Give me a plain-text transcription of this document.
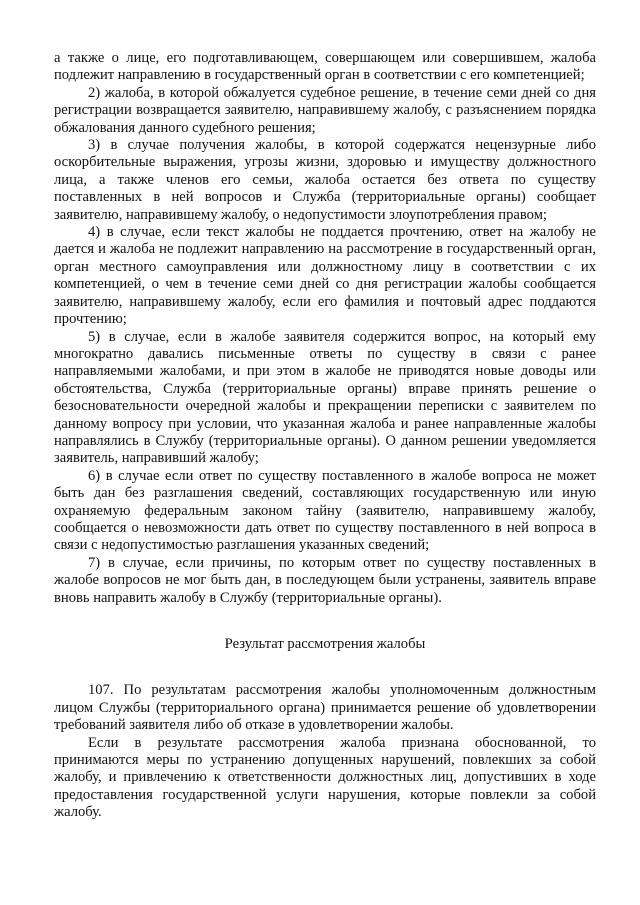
а также о лице, его подготавливающем, совершающем или совершившем, жалоба подлежит направлению в государственный орган в соответствии с его компетенцией;

2) жалоба, в которой обжалуется судебное решение, в течение семи дней со дня регистрации возвращается заявителю, направившему жалобу, с разъяснением порядка обжалования данного судебного решения;

3) в случае получения жалобы, в которой содержатся нецензурные либо оскорбительные выражения, угрозы жизни, здоровью и имуществу должностного лица, а также членов его семьи, жалоба остается без ответа по существу поставленных в ней вопросов и Служба (территориальные органы) сообщает заявителю, направившему жалобу, о недопустимости злоупотребления правом;

4) в случае, если текст жалобы не поддается прочтению, ответ на жалобу не дается и жалоба не подлежит направлению на рассмотрение в государственный орган, орган местного самоуправления или должностному лицу в соответствии с их компетенцией, о чем в течение семи дней со дня регистрации жалобы сообщается заявителю, направившему жалобу, если его фамилия и почтовый адрес поддаются прочтению;

5) в случае, если в жалобе заявителя содержится вопрос, на который ему многократно давались письменные ответы по существу в связи с ранее направляемыми жалобами, и при этом в жалобе не приводятся новые доводы или обстоятельства, Служба (территориальные органы) вправе принять решение о безосновательности очередной жалобы и прекращении переписки с заявителем по данному вопросу при условии, что указанная жалоба и ранее направленные жалобы направлялись в Службу (территориальные органы). О данном решении уведомляется заявитель, направивший жалобу;

6) в случае если ответ по существу поставленного в жалобе вопроса не может быть дан без разглашения сведений, составляющих государственную или иную охраняемую федеральным законом тайну (заявителю, направившему жалобу, сообщается о невозможности дать ответ по существу поставленного в ней вопроса в связи с недопустимостью разглашения указанных сведений;

7) в случае, если причины, по которым ответ по существу поставленных в жалобе вопросов не мог быть дан, в последующем были устранены, заявитель вправе вновь направить жалобу в Службу (территориальные органы).

Результат рассмотрения жалобы

107. По результатам рассмотрения жалобы уполномоченным должностным лицом Службы (территориального органа) принимается решение об удовлетворении требований заявителя либо об отказе в удовлетворении жалобы.

Если в результате рассмотрения жалоба признана обоснованной, то принимаются меры по устранению допущенных нарушений, повлекших за собой жалобу, и привлечению к ответственности должностных лиц, допустивших в ходе предоставления государственной услуги нарушения, которые повлекли за собой жалобу.
